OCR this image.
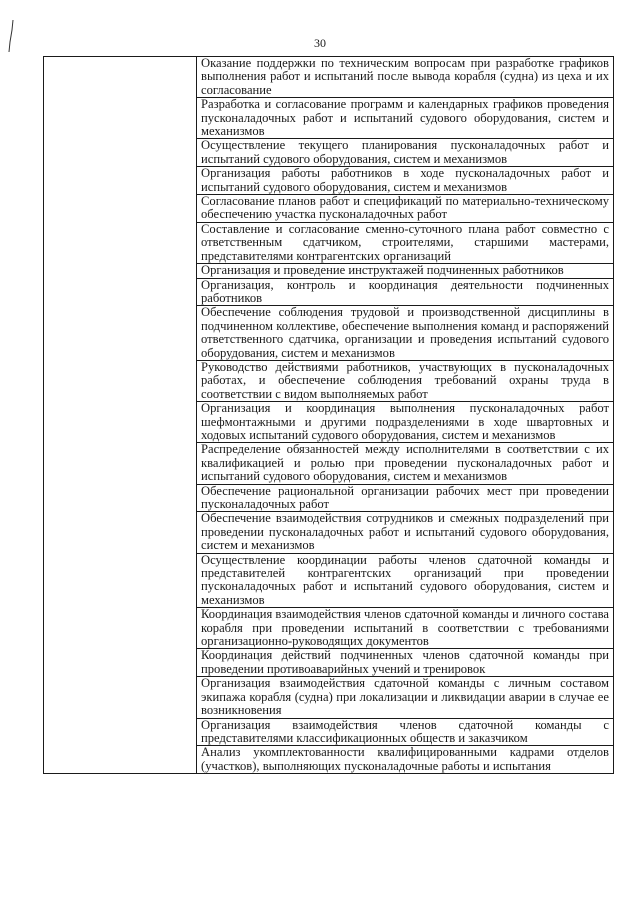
30
	Оказание поддержки по техническим вопросам при разработке графиков выполнения работ и испытаний после вывода корабля (судна) из цеха и их согласование
Разработка и согласование программ и календарных графиков проведения пусконаладочных работ и испытаний судового оборудования, систем и механизмов
Осуществление текущего планирования пусконаладочных работ и испытаний судового оборудования, систем и механизмов
Организация работы работников в ходе пусконаладочных работ и испытаний судового оборудования, систем и механизмов
Согласование планов работ и спецификаций по материально-техническому обеспечению участка пусконаладочных работ
Составление и согласование сменно-суточного плана работ совместно с ответственным сдатчиком, строителями, старшими мастерами, представителями контрагентских организаций
Организация и проведение инструктажей подчиненных работников
Организация, контроль и координация деятельности подчиненных работников
Обеспечение соблюдения трудовой и производственной дисциплины в подчиненном коллективе, обеспечение выполнения команд и распоряжений ответственного сдатчика, организации и проведения испытаний судового оборудования, систем и механизмов
Руководство действиями работников, участвующих в пусконаладочных работах, и обеспечение соблюдения требований охраны труда в соответствии с видом выполняемых работ
Организация и координация выполнения пусконаладочных работ шефмонтажными и другими подразделениями в ходе швартовных и ходовых испытаний судового оборудования, систем и механизмов
Распределение обязанностей между исполнителями в соответствии с их квалификацией и ролью при проведении пусконаладочных работ и испытаний судового оборудования, систем и механизмов
Обеспечение рациональной организации рабочих мест при проведении пусконаладочных работ
Обеспечение взаимодействия сотрудников и смежных подразделений при проведении пусконаладочных работ и испытаний судового оборудования, систем и механизмов
Осуществление координации работы членов сдаточной команды и представителей контрагентских организаций при проведении пусконаладочных работ и испытаний судового оборудования, систем и механизмов
Координация взаимодействия членов сдаточной команды и личного состава корабля при проведении испытаний в соответствии с требованиями организационно-руководящих документов
Координация действий подчиненных членов сдаточной команды при проведении противоаварийных учений и тренировок
Организация взаимодействия сдаточной команды с личным составом экипажа корабля (судна) при локализации и ликвидации аварии в случае ее возникновения
Организация взаимодействия членов сдаточной команды с представителями классификационных обществ и заказчиком
Анализ укомплектованности квалифицированными кадрами отделов (участков), выполняющих пусконаладочные работы и испытания
